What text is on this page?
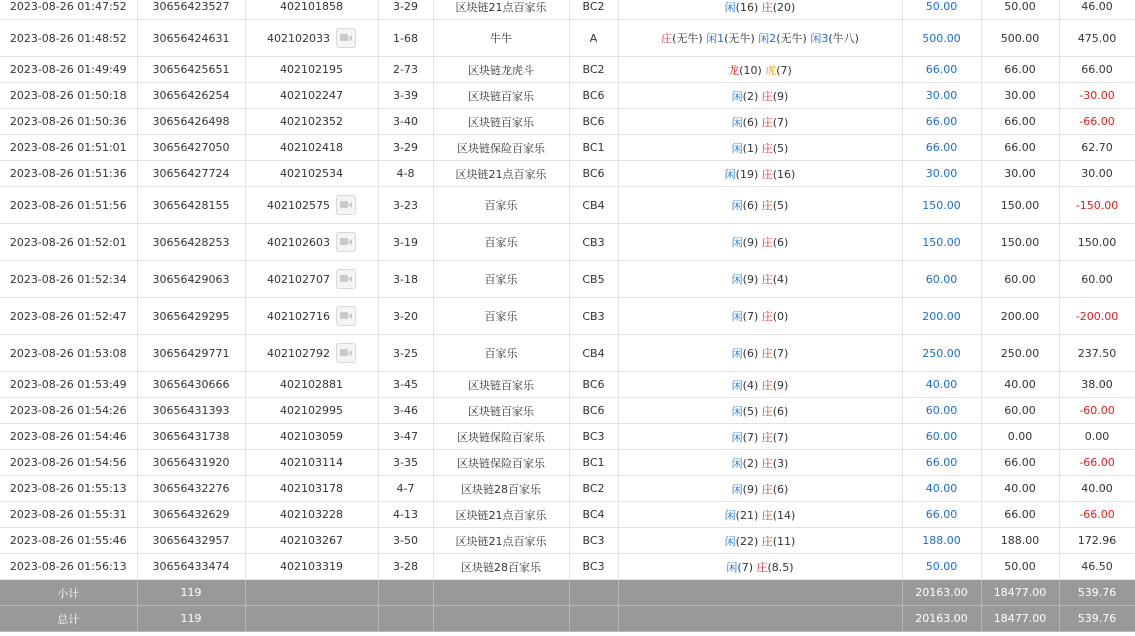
2023-08-26 01:47:52	30656423527	402101858	3-29	区块链21点百家乐	BC2	闲(16) 庄(20)	50.00	50.00	46.00
2023-08-26 01:48:52	30656424631	402102033	1-68	牛牛	A	庄(无牛) 闲1(无牛) 闲2(无牛) 闲3(牛八)	500.00	500.00	475.00
2023-08-26 01:49:49	30656425651	402102195	2-73	区块链龙虎斗	BC2	龙(10) 虎(7)	66.00	66.00	66.00
2023-08-26 01:50:18	30656426254	402102247	3-39	区块链百家乐	BC6	闲(2) 庄(9)	30.00	30.00	-30.00
2023-08-26 01:50:36	30656426498	402102352	3-40	区块链百家乐	BC6	闲(6) 庄(7)	66.00	66.00	-66.00
2023-08-26 01:51:01	30656427050	402102418	3-29	区块链保险百家乐	BC1	闲(1) 庄(5)	66.00	66.00	62.70
2023-08-26 01:51:36	30656427724	402102534	4-8	区块链21点百家乐	BC6	闲(19) 庄(16)	30.00	30.00	30.00
2023-08-26 01:51:56	30656428155	402102575	3-23	百家乐	CB4	闲(6) 庄(5)	150.00	150.00	-150.00
2023-08-26 01:52:01	30656428253	402102603	3-19	百家乐	CB3	闲(9) 庄(6)	150.00	150.00	150.00
2023-08-26 01:52:34	30656429063	402102707	3-18	百家乐	CB5	闲(9) 庄(4)	60.00	60.00	60.00
2023-08-26 01:52:47	30656429295	402102716	3-20	百家乐	CB3	闲(7) 庄(0)	200.00	200.00	-200.00
2023-08-26 01:53:08	30656429771	402102792	3-25	百家乐	CB4	闲(6) 庄(7)	250.00	250.00	237.50
2023-08-26 01:53:49	30656430666	402102881	3-45	区块链百家乐	BC6	闲(4) 庄(9)	40.00	40.00	38.00
2023-08-26 01:54:26	30656431393	402102995	3-46	区块链百家乐	BC6	闲(5) 庄(6)	60.00	60.00	-60.00
2023-08-26 01:54:46	30656431738	402103059	3-47	区块链保险百家乐	BC3	闲(7) 庄(7)	60.00	0.00	0.00
2023-08-26 01:54:56	30656431920	402103114	3-35	区块链保险百家乐	BC1	闲(2) 庄(3)	66.00	66.00	-66.00
2023-08-26 01:55:13	30656432276	402103178	4-7	区块链28百家乐	BC2	闲(9) 庄(6)	40.00	40.00	40.00
2023-08-26 01:55:31	30656432629	402103228	4-13	区块链21点百家乐	BC4	闲(21) 庄(14)	66.00	66.00	-66.00
2023-08-26 01:55:46	30656432957	402103267	3-50	区块链21点百家乐	BC3	闲(22) 庄(11)	188.00	188.00	172.96
2023-08-26 01:56:13	30656433474	402103319	3-28	区块链28百家乐	BC3	闲(7) 庄(8.5)	50.00	50.00	46.50
小计	119						20163.00	18477.00	539.76
总计	119						20163.00	18477.00	539.76
